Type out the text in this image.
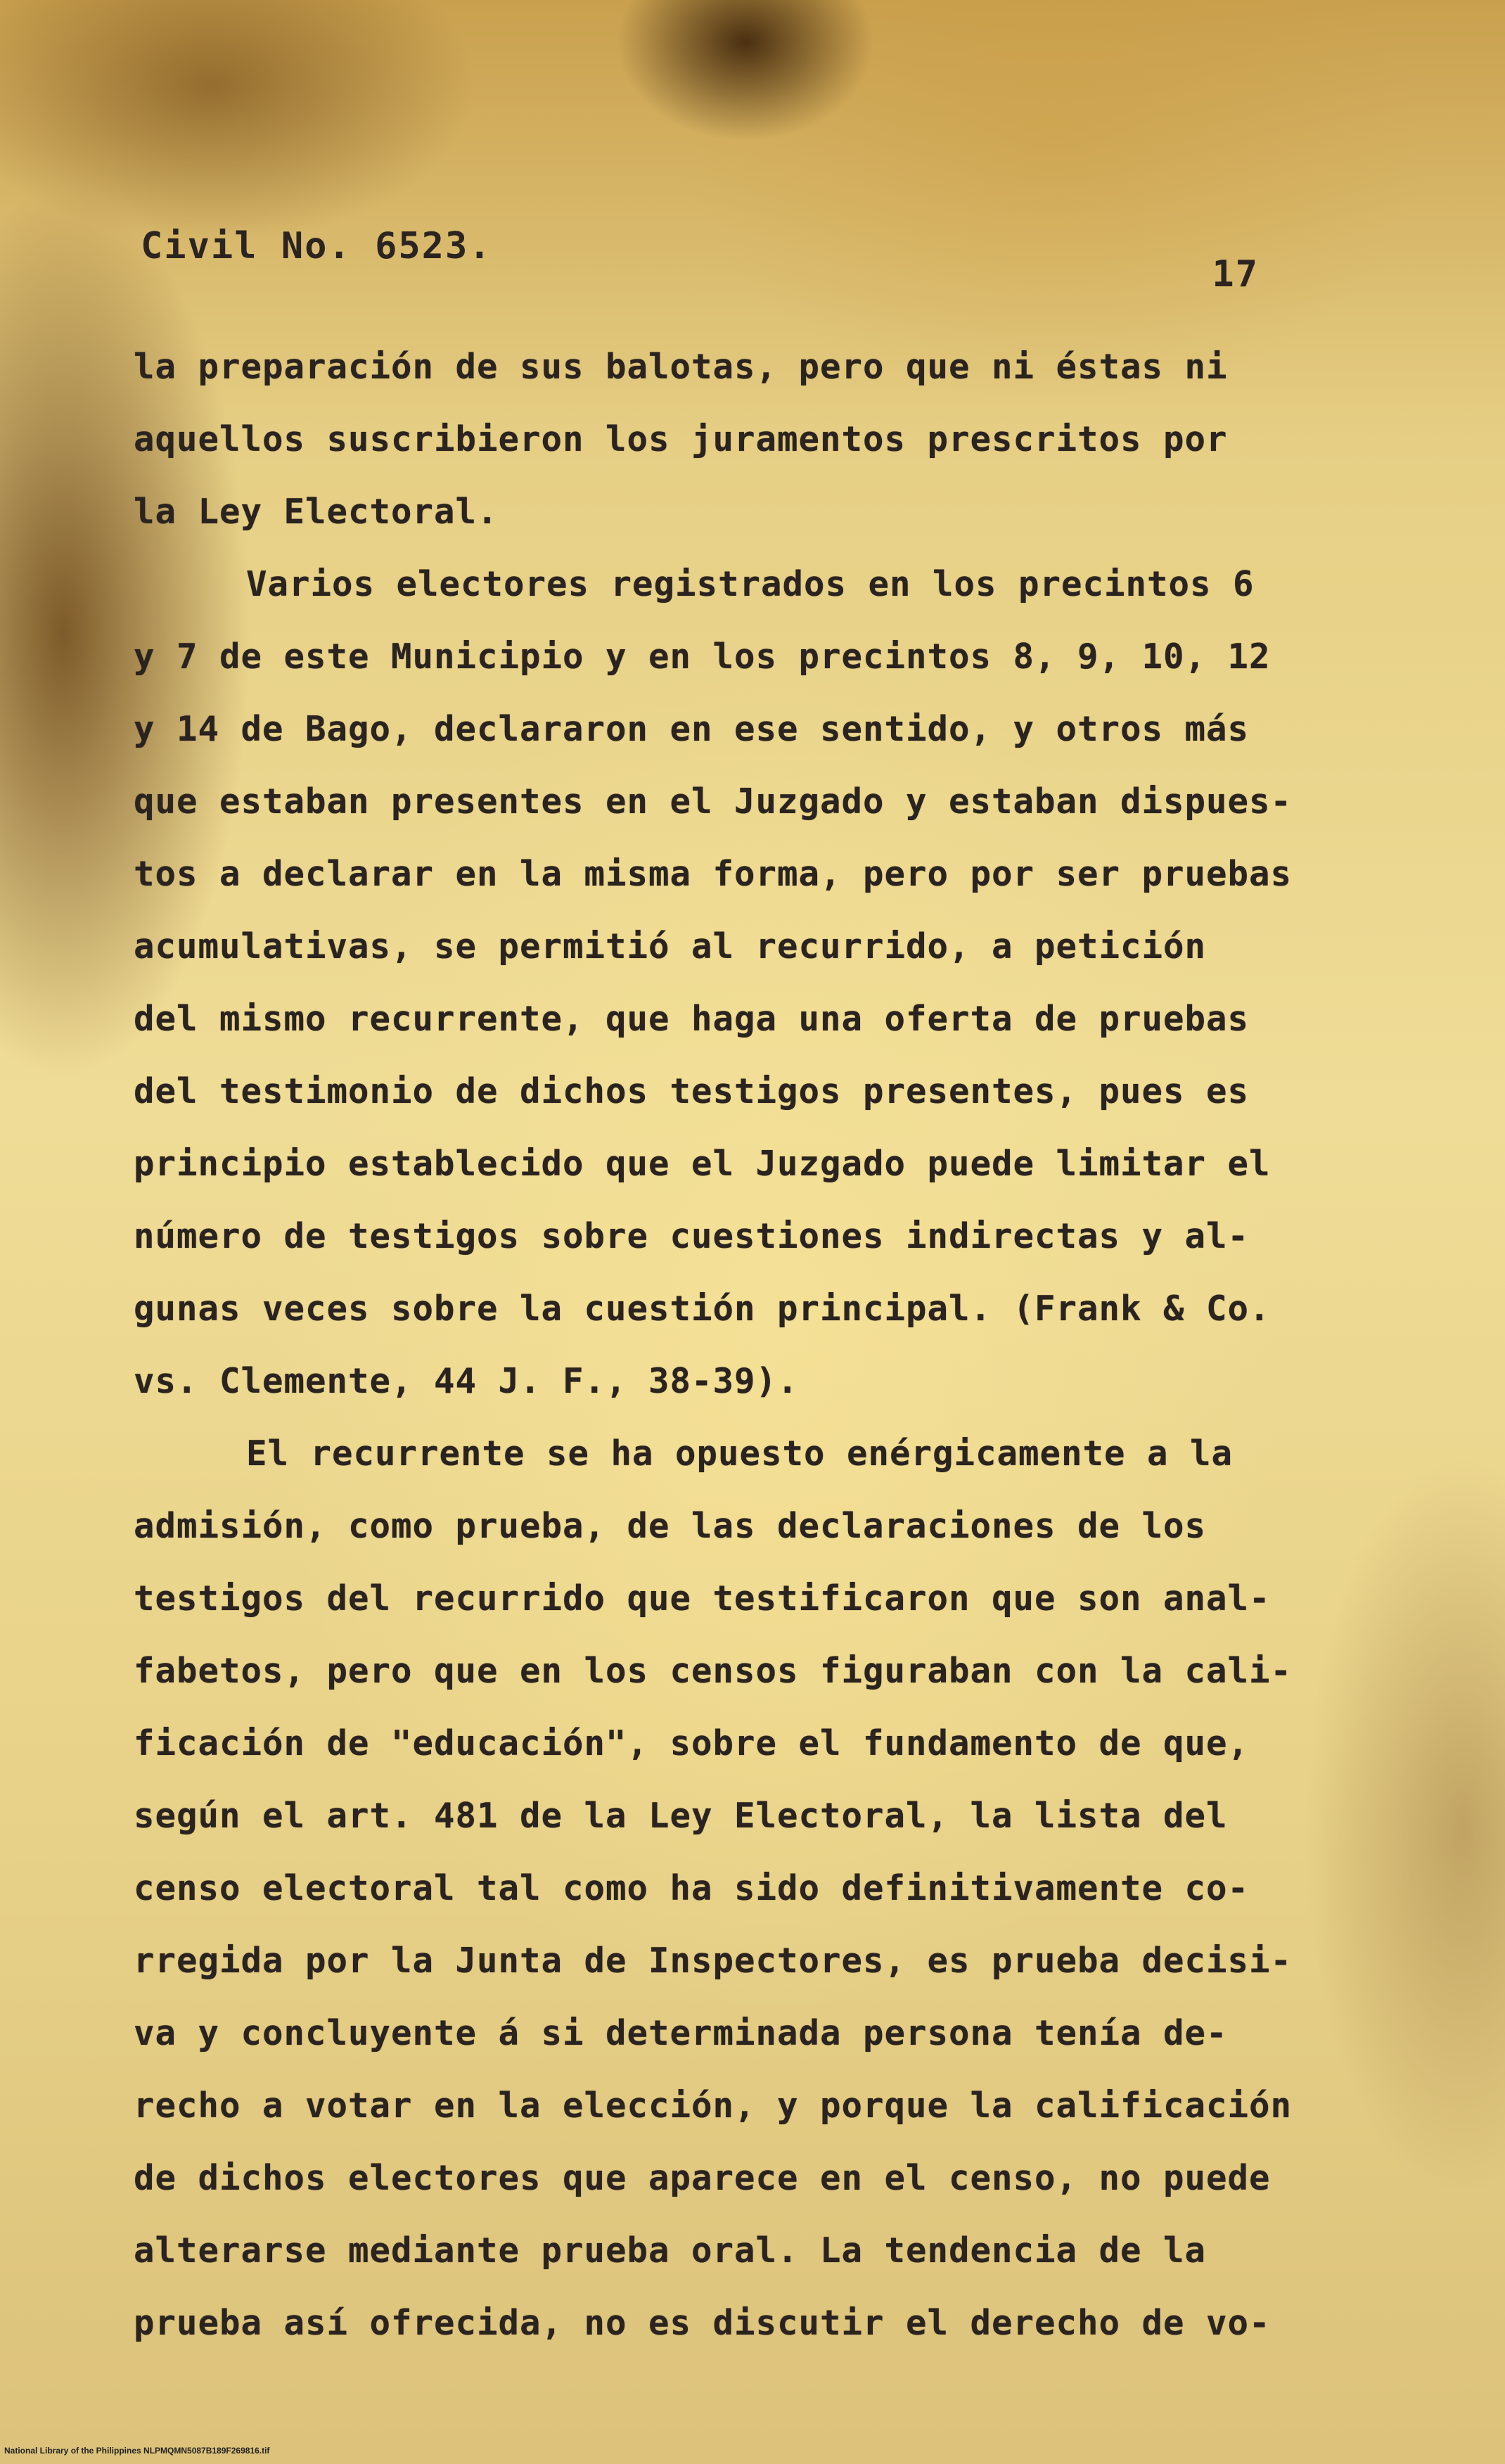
Civil No. 6523.
17
la preparación de sus balotas, pero que ni éstas ni
aquellos suscribieron los juramentos prescritos por
la Ley Electoral.
Varios electores registrados en los precintos 6
y 7 de este Municipio y en los precintos 8, 9, 10, 12
y 14 de Bago, declararon en ese sentido, y otros más
que estaban presentes en el Juzgado y estaban dispues-
tos a declarar en la misma forma, pero por ser pruebas
acumulativas, se permitió al recurrido, a petición
del mismo recurrente, que haga una oferta de pruebas
del testimonio de dichos testigos presentes, pues es
principio establecido que el Juzgado puede limitar el
número de testigos sobre cuestiones indirectas y al-
gunas veces sobre la cuestión principal. (Frank & Co.
vs. Clemente, 44 J. F., 38-39).
El recurrente se ha opuesto enérgicamente a la
admisión, como prueba, de las declaraciones de los
testigos del recurrido que testificaron que son anal-
fabetos, pero que en los censos figuraban con la cali-
ficación de "educación", sobre el fundamento de que,
según el art. 481 de la Ley Electoral, la lista del
censo electoral tal como ha sido definitivamente co-
rregida por la Junta de Inspectores, es prueba decisi-
va y concluyente á si determinada persona tenía de-
recho a votar en la elección, y porque la calificación
de dichos electores que aparece en el censo, no puede
alterarse mediante prueba oral. La tendencia de la
prueba así ofrecida, no es discutir el derecho de vo-
National Library of the Philippines NLPMQMN5087B189F269816.tif
